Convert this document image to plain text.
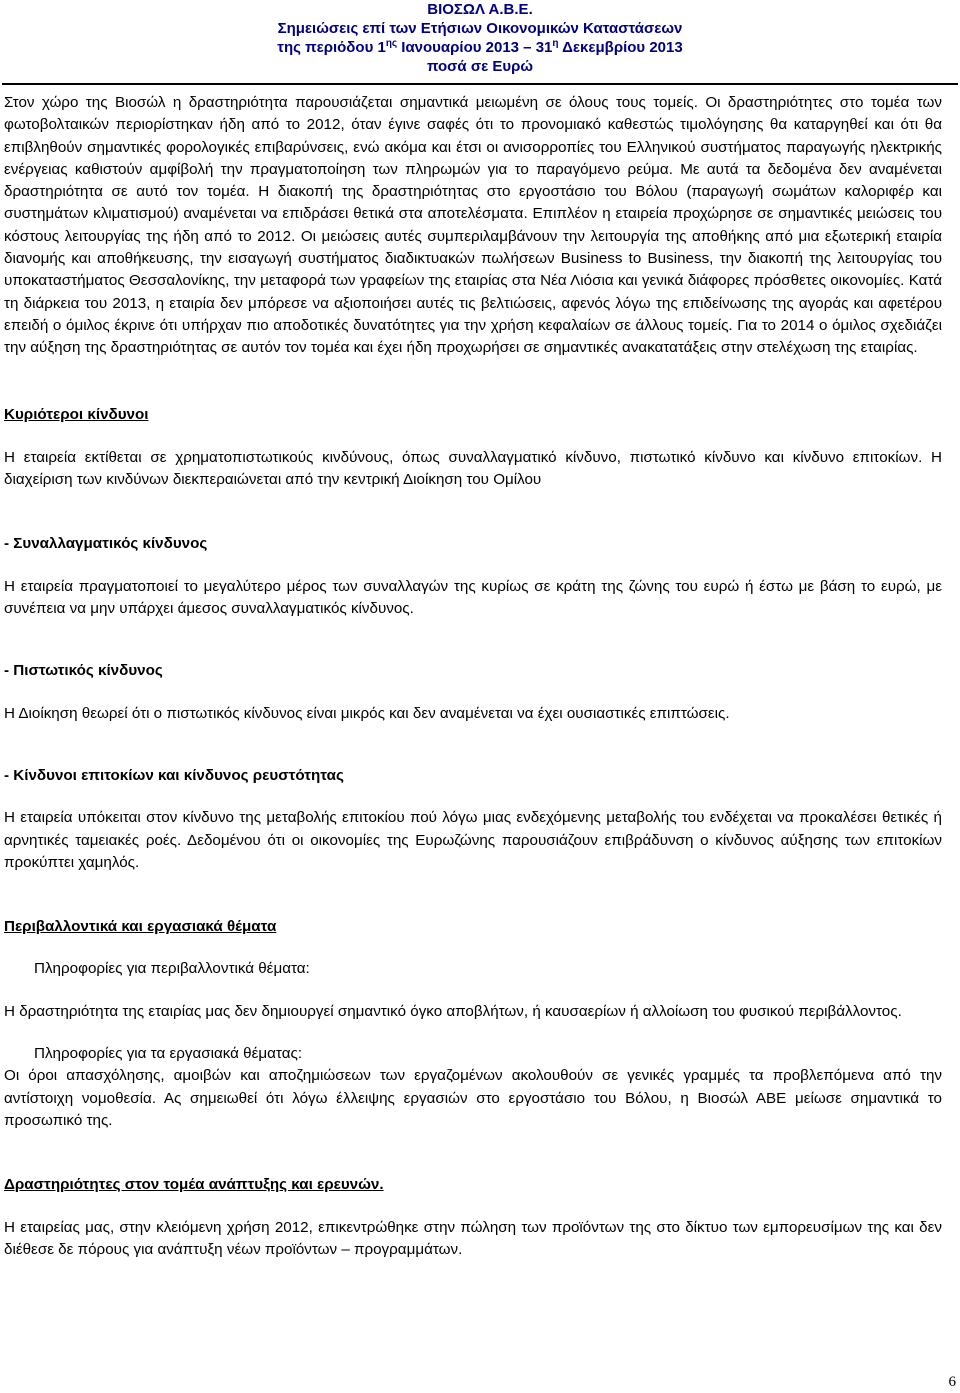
ΒΙΟΣΩΛ Α.Β.Ε.
Σημειώσεις επί των Ετήσιων Οικονομικών Καταστάσεων
της περιόδου $1^{\eta\varsigma}$ Ιανουαρίου $2013 - 31^\eta$ Δεκεμβρίου 2013
ποσά σε Ευρώ

Στον χώρο της Βιοσώλ η δραστηριότητα παρουσιάζεται σημαντικά μειωμένη σε όλους τους τομείς. Οι δραστηριότητες στο τομέα των φωτοβολταικών περιορίστηκαν ήδη από το 2012, όταν έγινε σαφές ότι το προνομιακό καθεστώς τιμολόγησης θα καταργηθεί και ότι θα επιβληθούν σημαντικές φορολογικές επιβαρύνσεις, ενώ ακόμα και έτσι οι ανισορροπίες του Ελληνικού συστήματος παραγωγής ηλεκτρικής ενέργειας καθιστούν αμφίβολή την πραγματοποίηση των πληρωμών για το παραγόμενο ρεύμα. Με αυτά τα δεδομένα δεν αναμένεται δραστηριότητα σε αυτό τον τομέα. Η διακοπή της δραστηριότητας στο εργοστάσιο του Βόλου (παραγωγή σωμάτων καλοριφέρ και συστημάτων κλιματισμού) αναμένεται να επιδράσει θετικά στα αποτελέσματα. Επιπλέον η εταιρεία προχώρησε σε σημαντικές μειώσεις του κόστους λειτουργίας της ήδη από το 2012. Οι μειώσεις αυτές συμπεριλαμβάνουν την λειτουργία της αποθήκης από μια εξωτερική εταιρία διανομής και αποθήκευσης, την εισαγωγή συστήματος διαδικτυακών πωλήσεων Business to Business, την διακοπή της λειτουργίας του υποκαταστήματος Θεσσαλονίκης, την μεταφορά των γραφείων της εταιρίας στα Νέα Λιόσια και γενικά διάφορες πρόσθετες οικονομίες. Κατά τη διάρκεια του 2013, η εταιρία δεν μπόρεσε να αξιοποιήσει αυτές τις βελτιώσεις, αφενός λόγω της επιδείνωσης της αγοράς και αφετέρου επειδή ο όμιλος έκρινε ότι υπήρχαν πιο αποδοτικές δυνατότητες για την χρήση κεφαλαίων σε άλλους τομείς. Για το 2014 ο όμιλος σχεδιάζει την αύξηση της δραστηριότητας σε αυτόν τον τομέα και έχει ήδη προχωρήσει σε σημαντικές ανακατατάξεις στην στελέχωση της εταιρίας.

Κυριότεροι κίνδυνοι

Η εταιρεία εκτίθεται σε χρηματοπιστωτικούς κινδύνους, όπως συναλλαγματικό κίνδυνο, πιστωτικό κίνδυνο και κίνδυνο επιτοκίων. Η διαχείριση των κινδύνων διεκπεραιώνεται από την κεντρική Διοίκηση του Ομίλου

- Συναλλαγματικός κίνδυνος

Η εταιρεία πραγματοποιεί το μεγαλύτερο μέρος των συναλλαγών της κυρίως σε κράτη της ζώνης του ευρώ ή έστω με βάση το ευρώ, με συνέπεια να μην υπάρχει άμεσος συναλλαγματικός κίνδυνος.

- Πιστωτικός κίνδυνος

Η Διοίκηση θεωρεί ότι ο πιστωτικός κίνδυνος είναι μικρός και δεν αναμένεται να έχει ουσιαστικές επιπτώσεις.

- Κίνδυνοι επιτοκίων και κίνδυνος ρευστότητας

Η εταιρεία υπόκειται στον κίνδυνο της μεταβολής επιτοκίου πού λόγω μιας ενδεχόμενης μεταβολής του ενδέχεται να προκαλέσει θετικές ή αρνητικές ταμειακές ροές. Δεδομένου ότι οι οικονομίες της Ευρωζώνης παρουσιάζουν επιβράδυνση ο κίνδυνος αύξησης των επιτοκίων προκύπτει χαμηλός.

Περιβαλλοντικά και εργασιακά θέματα

Πληροφορίες για περιβαλλοντικά θέματα:

Η δραστηριότητα της εταιρίας μας δεν δημιουργεί σημαντικό όγκο αποβλήτων, ή καυσαερίων ή αλλοίωση του φυσικού περιβάλλοντος.

Πληροφορίες για τα εργασιακά θέματας:

Οι όροι απασχόλησης, αμοιβών και αποζημιώσεων των εργαζομένων ακολουθούν σε γενικές γραμμές τα προβλεπόμενα από την αντίστοιχη νομοθεσία. Ας σημειωθεί ότι λόγω έλλειψης εργασιών στο εργοστάσιο του Βόλου, η Βιοσώλ ΑΒΕ μείωσε σημαντικά το προσωπικό της.

Δραστηριότητες στον τομέα ανάπτυξης και ερευνών.

Η εταιρείας μας, στην κλειόμενη χρήση 2012, επικεντρώθηκε στην πώληση των προϊόντων της στο δίκτυο των εμπορευσίμων της και δεν διέθεσε δε πόρους για ανάπτυξη νέων προϊόντων – προγραμμάτων.

6
